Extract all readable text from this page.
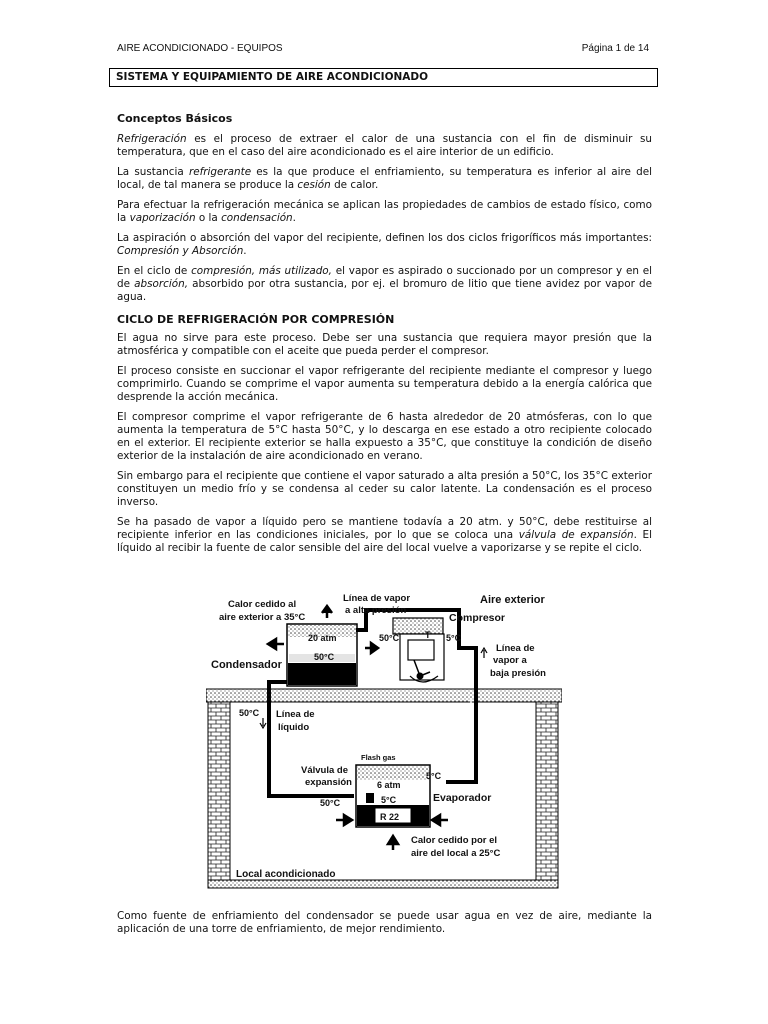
AIRE ACONDICIONADO - EQUIPOS	Página 1 de 14
SISTEMA Y EQUIPAMIENTO DE AIRE ACONDICIONADO
Conceptos Básicos

Refrigeración es el proceso de extraer el calor de una sustancia con el fin de disminuir su temperatura, que en el caso del aire acondicionado es el aire interior de un edificio.

La sustancia refrigerante es la que produce el enfriamiento, su temperatura es inferior al aire del local, de tal manera se produce la cesión de calor.

Para efectuar la refrigeración mecánica se aplican las propiedades de cambios de estado físico, como la vaporización o la condensación.

La aspiración o absorción del vapor del recipiente, definen los dos ciclos frigoríficos más importantes: Compresión y Absorción.

En el ciclo de compresión, más utilizado, el vapor es aspirado o succionado por un compresor y en el de absorción, absorbido por otra sustancia, por ej. el bromuro de litio que tiene avidez por vapor de agua.

CICLO DE REFRIGERACIÓN POR COMPRESIÓN

El agua no sirve para este proceso. Debe ser una sustancia que requiera mayor presión que la atmosférica y compatible con el aceite que pueda perder el compresor.

El proceso consiste en succionar el vapor refrigerante del recipiente mediante el compresor y luego comprimirlo. Cuando se comprime el vapor aumenta su temperatura debido a la energía calórica que desprende la acción mecánica.

El compresor comprime el vapor refrigerante de 6 hasta alrededor de 20 atmósferas, con lo que aumenta la temperatura de 5°C hasta 50°C, y lo descarga en ese estado a otro recipiente colocado en el exterior. El recipiente exterior se halla expuesto a 35°C, que constituye la condición de diseño exterior de la instalación de aire acondicionado en verano.

Sin embargo para el recipiente que contiene el vapor saturado a alta presión a 50°C, los 35°C exterior constituyen un medio frío y se condensa al ceder su calor latente. La condensación es el proceso inverso.

Se ha pasado de vapor a líquido pero se mantiene todavía a 20 atm. y 50°C, debe restituirse al recipiente inferior en las condiciones iniciales, por lo que se coloca una válvula de expansión. El líquido al recibir la fuente de calor sensible del aire del local vuelve a vaporizarse y se repite el ciclo.

Calor cedido al
aire exterior a 35°C
Línea de vapor
a alta presión
Aire exterior
Compresor
20 atm
50°C
50°C	T 5°C
Línea de
vapor a
baja presión
Condensador
50°C Línea de
líquido
Flash gas
Válvula de
expansión
5°C
6 atm
5°C	Evaporador
50°C
R 22
Calor cedido por el
aire del local a 25°C
Local acondicionado

Como fuente de enfriamiento del condensador se puede usar agua en vez de aire, mediante la aplicación de una torre de enfriamiento, de mejor rendimiento.
